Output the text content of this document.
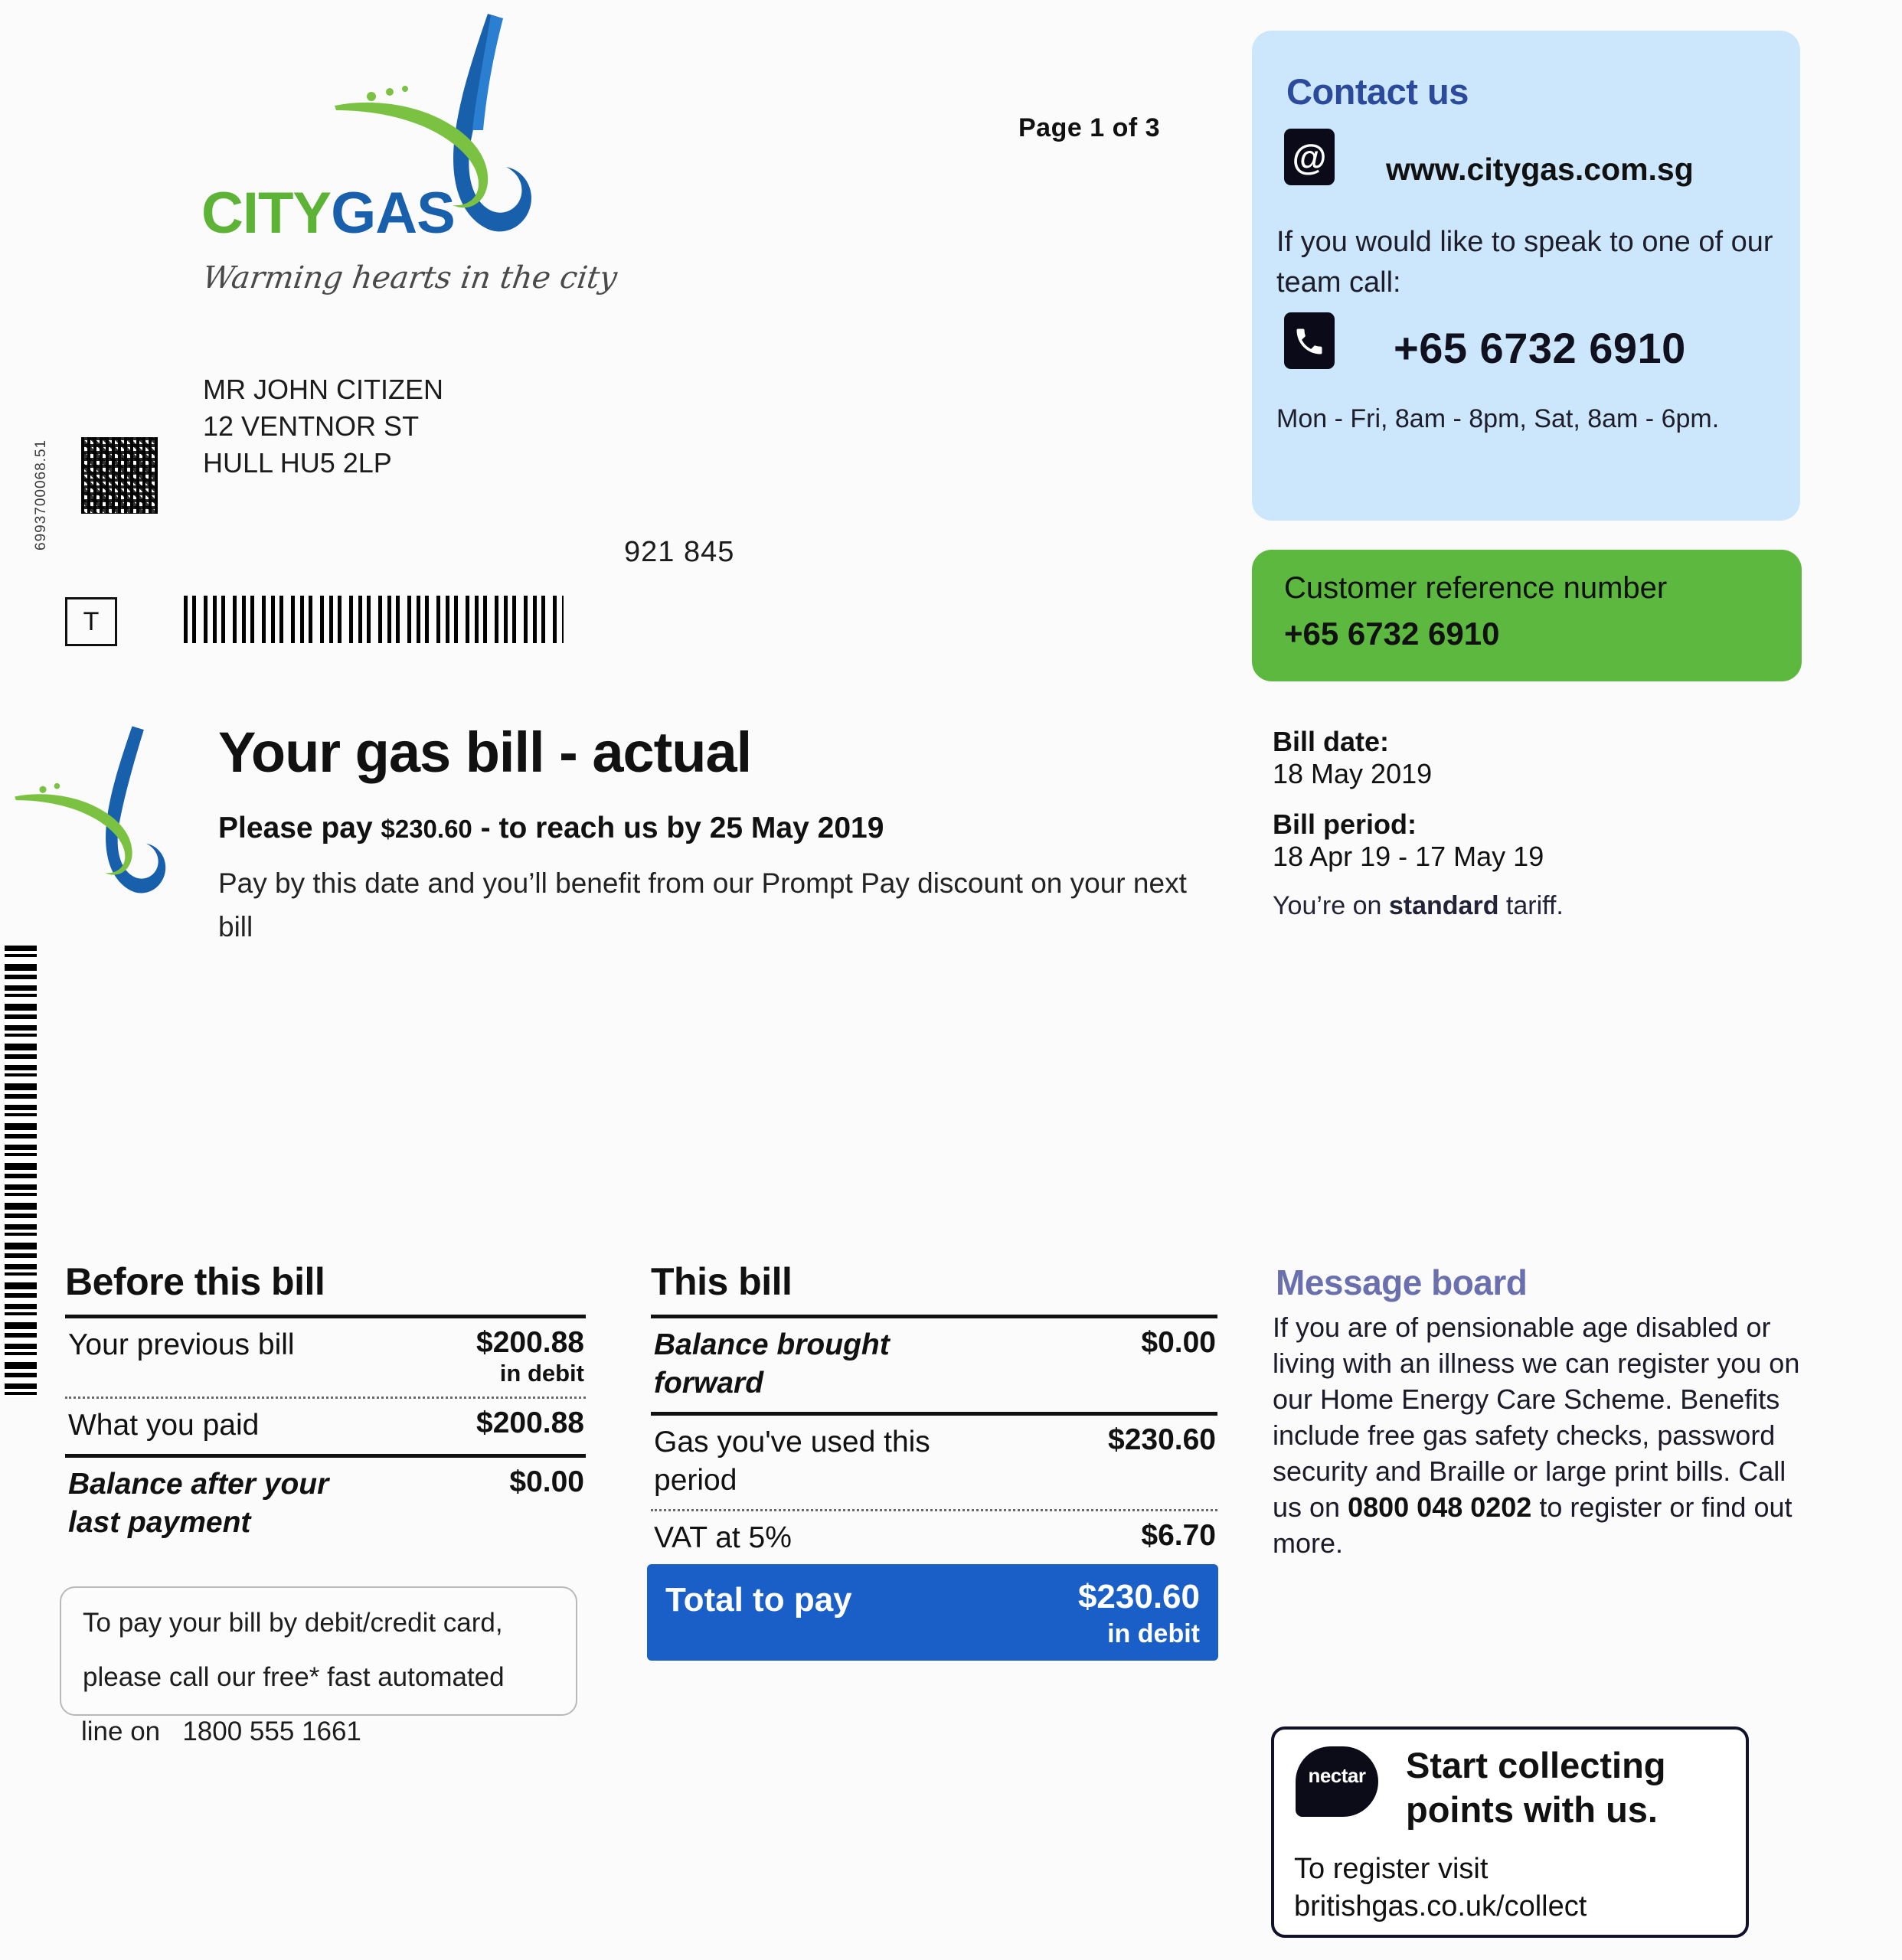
6993700068.51
CITYGAS
Warming hearts in the city
Page 1 of 3
MR JOHN CITIZEN
12 VENTNOR ST
HULL HU5 2LP
921 845
T
Your gas bill - actual
Please pay $230.60 - to reach us by 25 May 2019
Pay by this date and you’ll benefit from our Prompt Pay discount on your next bill
Contact us
@ www.citygas.com.sg
If you would like to speak to one of our team call:
+65 6732 6910
Mon - Fri, 8am - 8pm, Sat, 8am - 6pm.
Customer reference number
+65 6732 6910
Bill date:
18 May 2019
Bill period:
18 Apr 19 - 17 May 19
You’re on standard tariff.
Before this bill
Your previous bill	$200.88
in debit
What you paid	$200.88
Balance after your last payment
$0.00

To pay your bill by debit/credit card,

please call our free* fast automated

line on 1800 555 1661

This bill
Balance brought forward
$0.00
Gas you've used this period
$230.60
VAT at 5%	$6.70
Total to pay	$230.60
in debit
Message board

If you are of pensionable age disabled or living with an illness we can register you on our Home Energy Care Scheme. Benefits include free gas safety checks, password security and Braille or large print bills. Call us on 0800 048 0202 to register or find out more.

nectar	Start collecting points with us.
To register visit
britishgas.co.uk/collect
